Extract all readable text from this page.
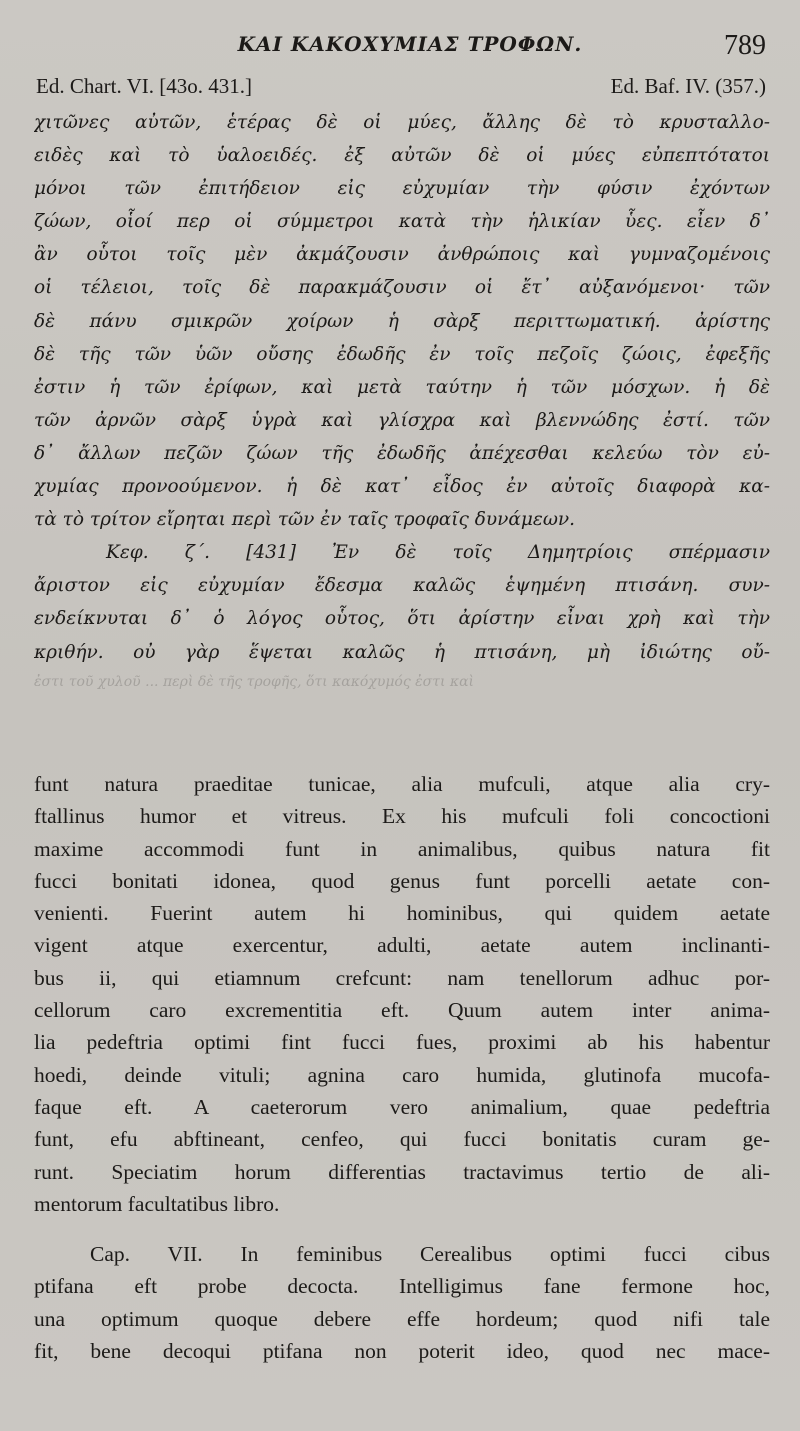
ΚΑΙ ΚΑΚΟΧΥΜΙΑΣ ΤΡΟΦΩΝ.	789
Ed. Chart. VI. [43o. 431.]	Ed. Baf. IV. (357.)
χιτῶνες αὐτῶν, ἑτέρας δὲ οἱ μύες, ἄλλης δὲ τὸ κρυσταλλο-
ειδὲς καὶ τὸ ὑαλοειδές. ἐξ αὐτῶν δὲ οἱ μύες εὐπεπτότατοι
μόνοι τῶν ἐπιτήδειον εἰς εὐχυμίαν τὴν φύσιν ἐχόντων
ζώων, οἷοί περ οἱ σύμμετροι κατὰ τὴν ἡλικίαν ὗες. εἶεν δ᾽
ἂν οὗτοι τοῖς μὲν ἀκμάζουσιν ἀνθρώποις καὶ γυμναζομένοις
οἱ τέλειοι, τοῖς δὲ παρακμάζουσιν οἱ ἔτ᾽ αὐξανόμενοι· τῶν
δὲ πάνυ σμικρῶν χοίρων ἡ σὰρξ περιττωματική. ἀρίστης
δὲ τῆς τῶν ὑῶν οὔσης ἐδωδῆς ἐν τοῖς πεζοῖς ζώοις, ἐφεξῆς
ἐστιν ἡ τῶν ἐρίφων, καὶ μετὰ ταύτην ἡ τῶν μόσχων. ἡ δὲ
τῶν ἀρνῶν σὰρξ ὑγρὰ καὶ γλίσχρα καὶ βλεννώδης ἐστί. τῶν
δ᾽ ἄλλων πεζῶν ζώων τῆς ἐδωδῆς ἀπέχεσθαι κελεύω τὸν εὐ-
χυμίας προνοούμενον. ἡ δὲ κατ᾽ εἶδος ἐν αὐτοῖς διαφορὰ κα-
τὰ τὸ τρίτον εἴρηται περὶ τῶν ἐν ταῖς τροφαῖς δυνάμεων.
Κεφ. ζ΄. [431] Ἐν δὲ τοῖς Δημητρίοις σπέρμασιν
ἄριστον εἰς εὐχυμίαν ἔδεσμα καλῶς ἑψημένη πτισάνη. συν-
ενδείκνυται δ᾽ ὁ λόγος οὗτος, ὅτι ἀρίστην εἶναι χρὴ καὶ τὴν
κριθήν. οὐ γὰρ ἕψεται καλῶς ἡ πτισάνη, μὴ ἰδιώτης οὔ-
ἐστι τοῦ χυλοῦ ... περὶ δὲ τῆς τροφῆς, ὅτι κακόχυμός ἐστι καὶ
funt natura praeditae tunicae, alia mufculi, atque alia cry-
ftallinus humor et vitreus. Ex his mufculi foli concoctioni
maxime accommodi funt in animalibus, quibus natura fit
fucci bonitati idonea, quod genus funt porcelli aetate con-
venienti. Fuerint autem hi hominibus, qui quidem aetate
vigent atque exercentur, adulti, aetate autem inclinanti-
bus ii, qui etiamnum crefcunt: nam tenellorum adhuc por-
cellorum caro excrementitia eft. Quum autem inter anima-
lia pedeftria optimi fint fucci fues, proximi ab his habentur
hoedi, deinde vituli; agnina caro humida, glutinofa mucofa-
faque eft. A caeterorum vero animalium, quae pedeftria
funt, efu abftineant, cenfeo, qui fucci bonitatis curam ge-
runt. Speciatim horum differentias tractavimus tertio de ali-
mentorum facultatibus libro.
Cap. VII. In feminibus Cerealibus optimi fucci cibus
ptifana eft probe decocta. Intelligimus fane fermone hoc,
una optimum quoque debere effe hordeum; quod nifi tale
fit, bene decoqui ptifana non poterit ideo, quod nec mace-
